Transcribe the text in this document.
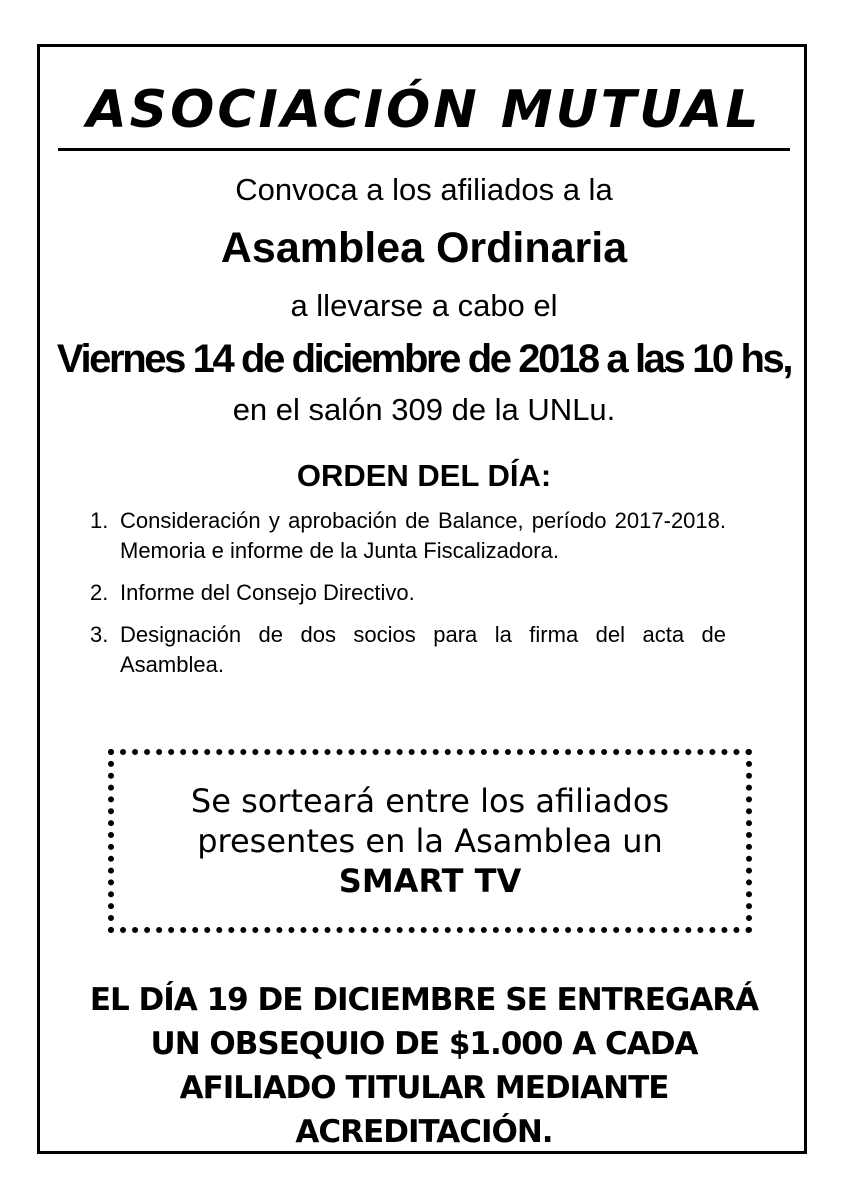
ASOCIACIÓN MUTUAL
Convoca a los afiliados a la
Asamblea Ordinaria
a llevarse a cabo el
Viernes 14 de diciembre de 2018 a las 10 hs,
en el salón 309 de la UNLu.
ORDEN DEL DÍA:
1. Consideración y aprobación de Balance, período 2017-2018. Memoria e informe de la Junta Fiscalizadora.
2. Informe del Consejo Directivo.
3. Designación de dos socios para la firma del acta de Asamblea.
Se sorteará entre los afiliados
presentes en la Asamblea un
SMART TV
EL DÍA 19 DE DICIEMBRE SE ENTREGARÁ
UN OBSEQUIO DE $1.000 A CADA
AFILIADO TITULAR MEDIANTE
ACREDITACIÓN.
